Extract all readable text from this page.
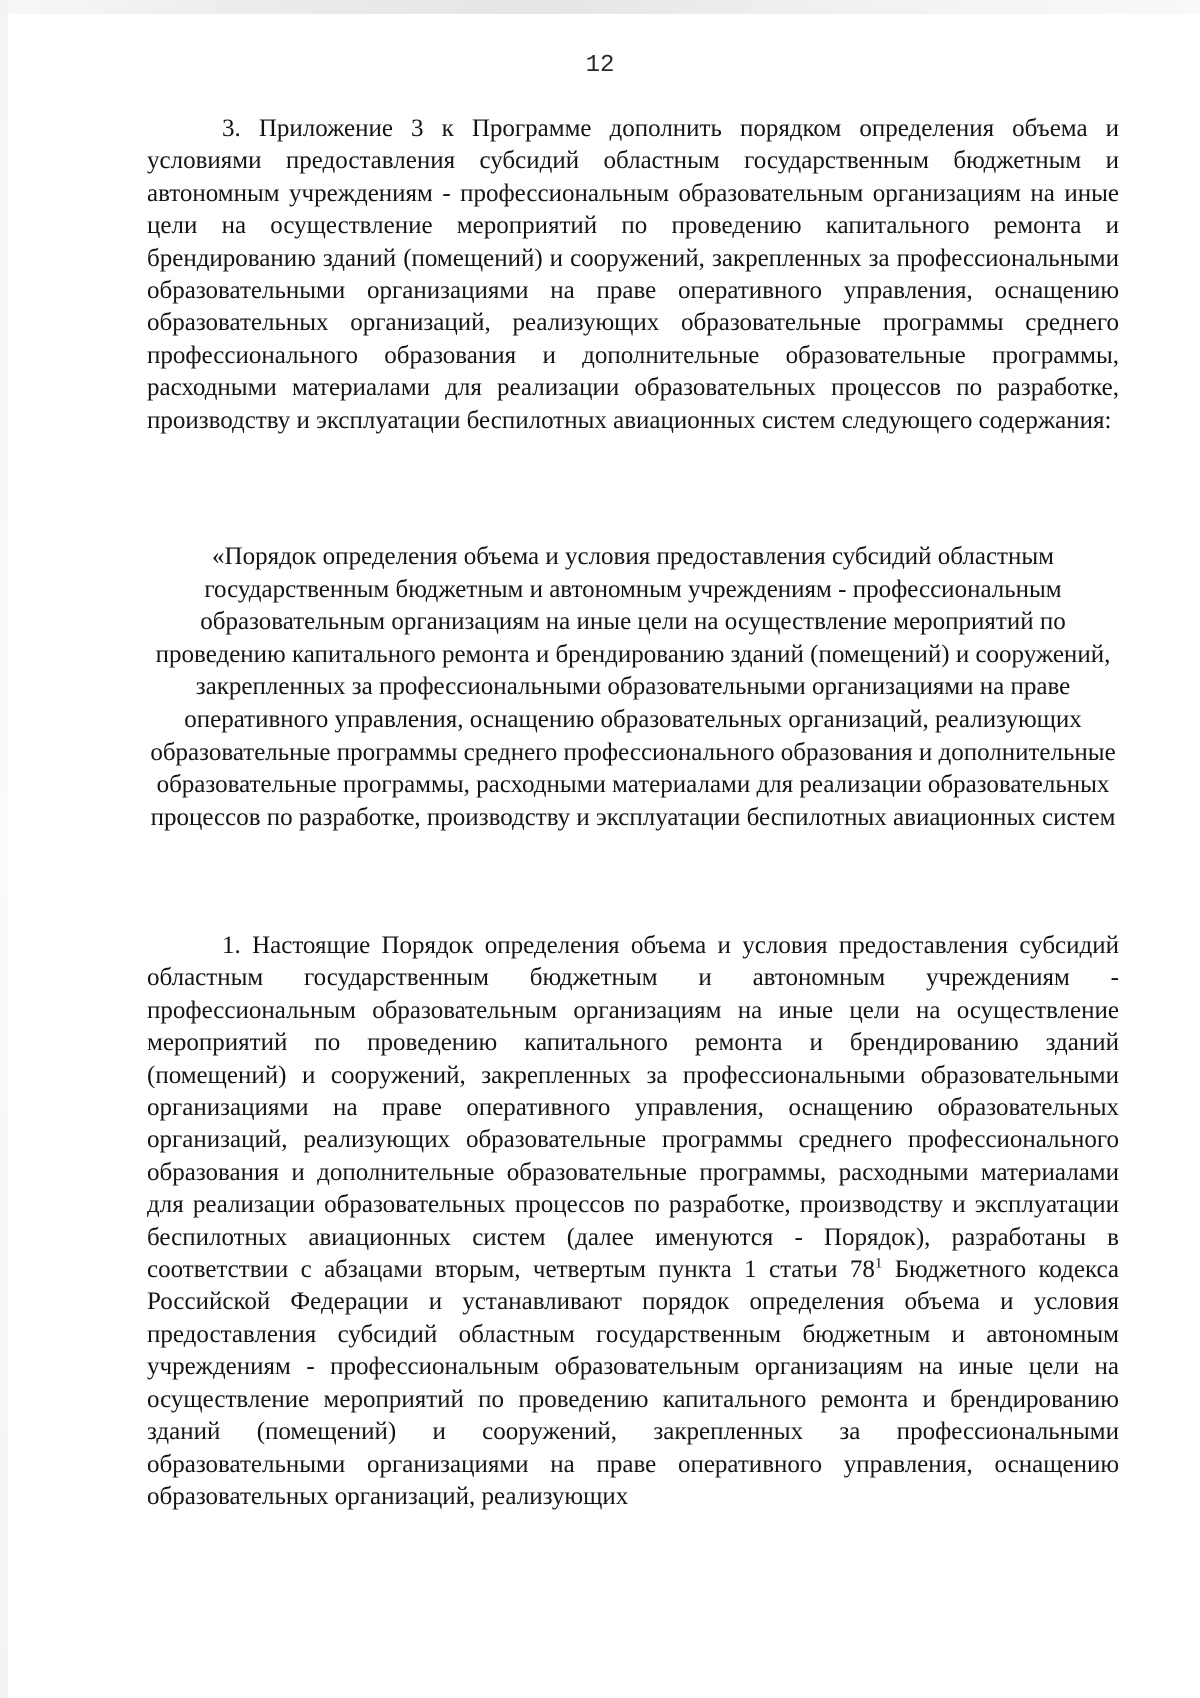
12

3. Приложение 3 к Программе дополнить порядком определения объема и условиями предоставления субсидий областным государственным бюджетным и автономным учреждениям - профессиональным образовательным организациям на иные цели на осуществление мероприятий по проведению капитального ремонта и брендированию зданий (помещений) и сооружений, закрепленных за профессиональными образовательными организациями на праве оперативного управления, оснащению образовательных организаций, реализующих образовательные программы среднего профессионального образования и дополнительные образовательные программы, расходными материалами для реализации образовательных процессов по разработке, производству и эксплуатации беспилотных авиационных систем следующего содержания:

«Порядок определения объема и условия предоставления субсидий областным государственным бюджетным и автономным учреждениям - профессиональным образовательным организациям на иные цели на осуществление мероприятий по проведению капитального ремонта и брендированию зданий (помещений) и сооружений, закрепленных за профессиональными образовательными организациями на праве оперативного управления, оснащению образовательных организаций, реализующих образовательные программы среднего профессионального образования и дополнительные образовательные программы, расходными материалами для реализации образовательных процессов по разработке, производству и эксплуатации беспилотных авиационных систем

1. Настоящие Порядок определения объема и условия предоставления субсидий областным государственным бюджетным и автономным учреждениям - профессиональным образовательным организациям на иные цели на осуществление мероприятий по проведению капитального ремонта и брендированию зданий (помещений) и сооружений, закрепленных за профессиональными образовательными организациями на праве оперативного управления, оснащению образовательных организаций, реализующих образовательные программы среднего профессионального образования и дополнительные образовательные программы, расходными материалами для реализации образовательных процессов по разработке, производству и эксплуатации беспилотных авиационных систем (далее именуются - Порядок), разработаны в соответствии с абзацами вторым, четвертым пункта 1 статьи 78$^1$ Бюджетного кодекса Российской Федерации и устанавливают порядок определения объема и условия предоставления субсидий областным государственным бюджетным и автономным учреждениям - профессиональным образовательным организациям на иные цели на осуществление мероприятий по проведению капитального ремонта и брендированию зданий (помещений) и сооружений, закрепленных за профессиональными образовательными организациями на праве оперативного управления, оснащению образовательных организаций, реализующих
